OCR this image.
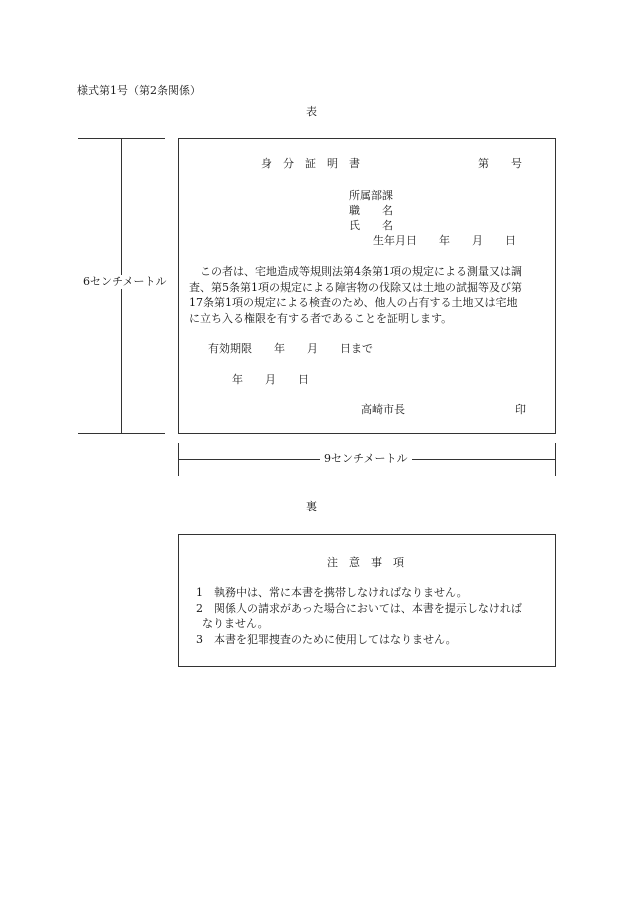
様式第1号（第2条関係）
表
6センチメートル
身　分　証　明　書	第　　号
所属部課
職　　名
氏　　名
生年月日　　年　　月　　日
　この者は、宅地造成等規則法第4条第1項の規定による測量又は調
査、第5条第1項の規定による障害物の伐除又は土地の試掘等及び第
17条第1項の規定による検査のため、他人の占有する土地又は宅地
に立ち入る権限を有する者であることを証明します。
有効期限　　年　　月　　日まで
年　　月　　日
高崎市長	印
9センチメートル
裏
注　意　事　項
1　執務中は、常に本書を携帯しなければなりません。
2　関係人の請求があった場合においては、本書を提示しなければ
なりません。
3　本書を犯罪捜査のために使用してはなりません。
